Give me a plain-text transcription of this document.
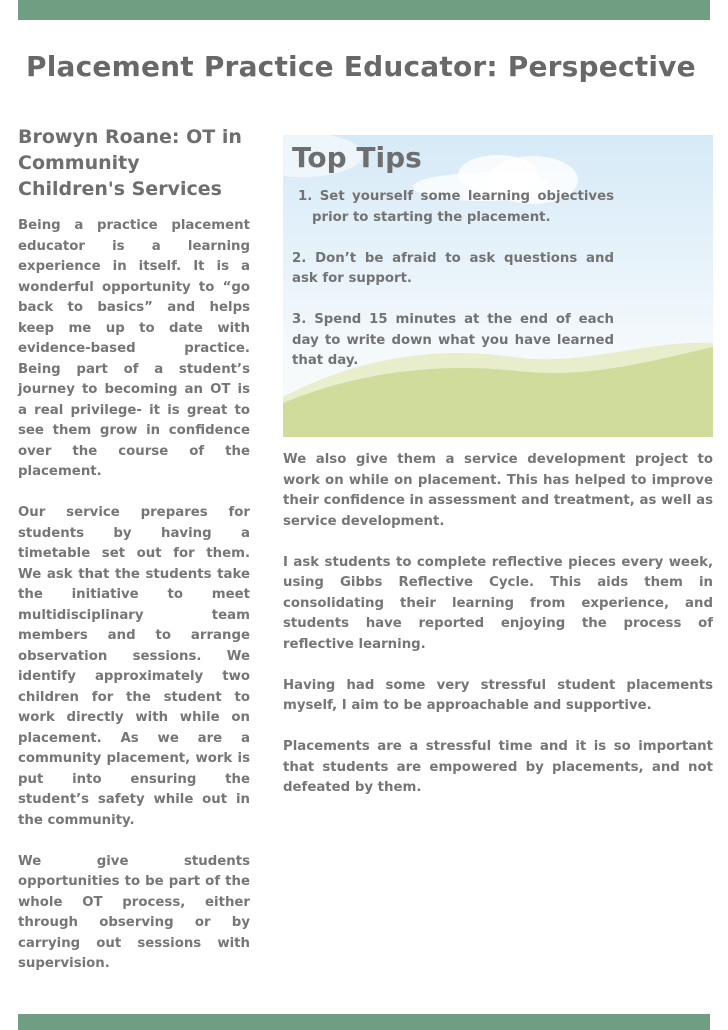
Placement Practice Educator: Perspective
Browyn Roane: OT in Community Children's Services

Being a practice placement educator is a learning experience in itself. It is a wonderful opportunity to “go back to basics” and helps keep me up to date with evidence-based practice. Being part of a student’s journey to becoming an OT is a real privilege- it is great to see them grow in confidence over the course of the placement.

Our service prepares for students by having a timetable set out for them. We ask that the students take the initiative to meet multidisciplinary team members and to arrange observation sessions. We identify approximately two children for the student to work directly with while on placement. As we are a community placement, work is put into ensuring the student’s safety while out in the community.

We give students opportunities to be part of the whole OT process, either through observing or by carrying out sessions with supervision.

Top Tips
1. Set yourself some learning objectives prior to starting the placement.
2. Don’t be afraid to ask questions and ask for support.
3. Spend 15 minutes at the end of each day to write down what you have learned that day.

We also give them a service development project to work on while on placement. This has helped to improve their confidence in assessment and treatment, as well as service development.

I ask students to complete reflective pieces every week, using Gibbs Reflective Cycle. This aids them in consolidating their learning from experience, and students have reported enjoying the process of reflective learning.

Having had some very stressful student placements myself, I aim to be approachable and supportive.

Placements are a stressful time and it is so important that students are empowered by placements, and not defeated by them.
